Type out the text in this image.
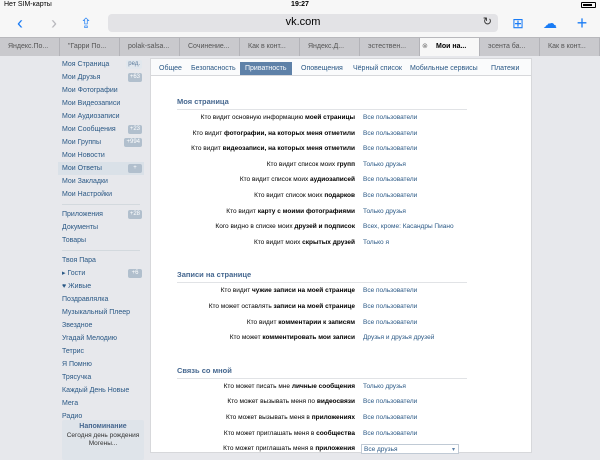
Нет SIM-карты	19:27
‹	›	⇪	vk.com	↻ ⊞ ☁ +
Яндекс.По...	"Гарри По...	polak-salsa...	Сочинение...	Как в конт...	Яндекс.Д...	эстествен...	⊗ Мои на...	эсента ба...	Как в конт...
Моя Страница	ред.
Мои Друзья	+63
Мои Фотографии
Мои Видеозаписи
Мои Аудиозаписи
Мои Сообщения	+23
Мои Группы	+994
Мои Новости
Мои Ответы	+
Мои Закладки
Мои Настройки
Приложения	+28
Документы
Товары
Твоя Пара
▸ Гости	+6
♥ Живые
Поздравлялка
Музыкальный Плеер
Звездное
Угадай Мелодию
Тетрис
Я Помню
Трясучка
Каждый День Новые
Мега
Радио
Напоминание
Сегодня день рождения Могены...
Общее Безопасность	Приватность	Оповещения Чёрный список Мобильные сервисы Платежи
Моя страница
Кто видит основную информацию моей страницы Все пользователи
Кто видит фотографии, на которых меня отметили Все пользователи
Кто видит видеозаписи, на которых меня отметили Все пользователи
Кто видит список моих групп Только друзья
Кто видит список моих аудиозаписей Все пользователи
Кто видит список моих подарков Все пользователи
Кто видит карту с моими фотографиями Только друзья
Кого видно в списке моих друзей и подписок Всех, кроме: Касандры Пиано
Кто видит моих скрытых друзей Только я
Записи на странице
Кто видит чужие записи на моей странице Все пользователи
Кто может оставлять записи на моей странице Все пользователи
Кто видит комментарии к записям Все пользователи
Кто может комментировать мои записи Друзья и друзья друзей
Связь со мной
Кто может писать мне личные сообщения Только друзья
Кто может вызывать меня по видеосвязи Все пользователи
Кто может вызывать меня в приложениях Все пользователи
Кто может приглашать меня в сообщества Все пользователи
Кто может приглашать меня в приложения Все друзья	▾
